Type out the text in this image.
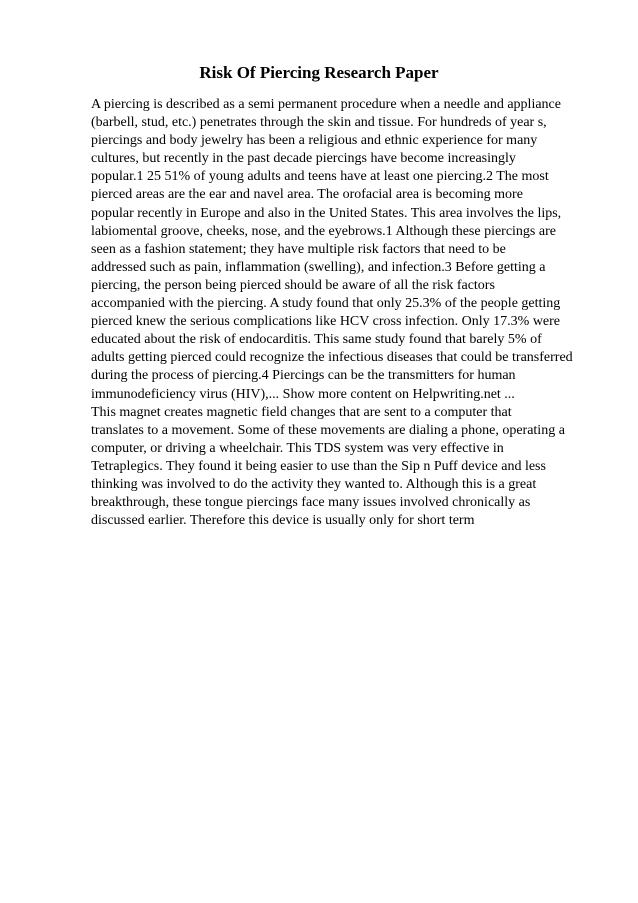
Risk Of Piercing Research Paper
A piercing is described as a semi permanent procedure when a needle and appliance
(barbell, stud, etc.) penetrates through the skin and tissue. For hundreds of year s,
piercings and body jewelry has been a religious and ethnic experience for many
cultures, but recently in the past decade piercings have become increasingly
popular.1 25 51% of young adults and teens have at least one piercing.2 The most
pierced areas are the ear and navel area. The orofacial area is becoming more
popular recently in Europe and also in the United States. This area involves the lips,
labiomental groove, cheeks, nose, and the eyebrows.1 Although these piercings are
seen as a fashion statement; they have multiple risk factors that need to be
addressed such as pain, inflammation (swelling), and infection.3 Before getting a
piercing, the person being pierced should be aware of all the risk factors
accompanied with the piercing. A study found that only 25.3% of the people getting
pierced knew the serious complications like HCV cross infection. Only 17.3% were
educated about the risk of endocarditis. This same study found that barely 5% of
adults getting pierced could recognize the infectious diseases that could be transferred
during the process of piercing.4 Piercings can be the transmitters for human
immunodeficiency virus (HIV),... Show more content on Helpwriting.net ...
This magnet creates magnetic field changes that are sent to a computer that
translates to a movement. Some of these movements are dialing a phone, operating a
computer, or driving a wheelchair. This TDS system was very effective in
Tetraplegics. They found it being easier to use than the Sip n Puff device and less
thinking was involved to do the activity they wanted to. Although this is a great
breakthrough, these tongue piercings face many issues involved chronically as
discussed earlier. Therefore this device is usually only for short term
